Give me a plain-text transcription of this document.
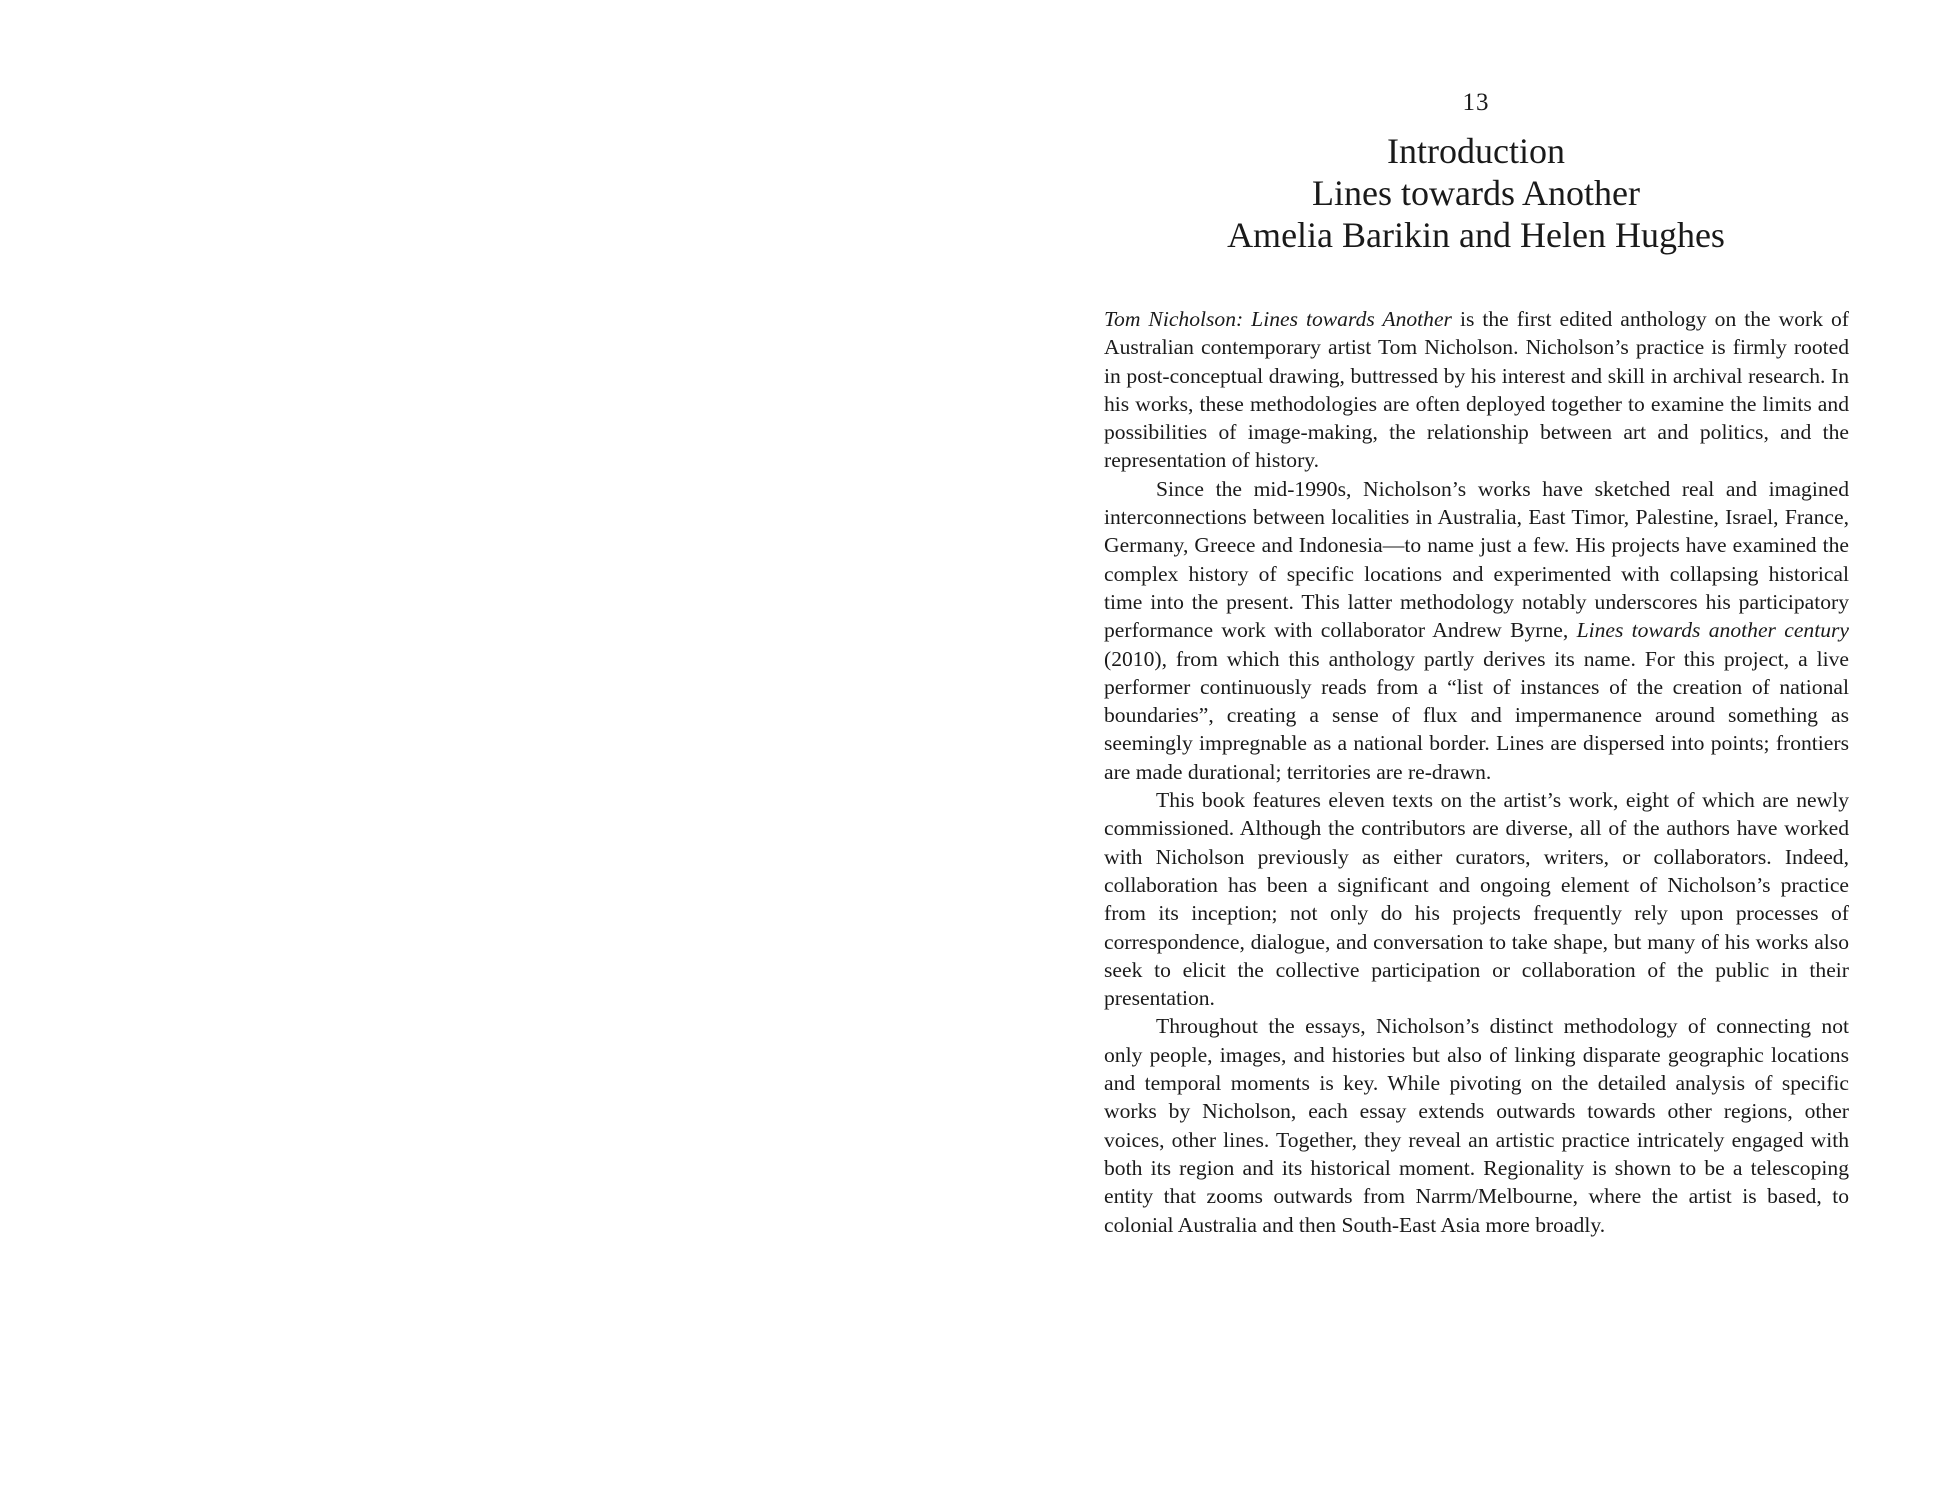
13
Introduction
Lines towards Another
Amelia Barikin and Helen Hughes

Tom Nicholson: Lines towards Another is the first edited anthology on the work of Australian contemporary artist Tom Nicholson. Nicholson’s practice is firmly rooted in post-conceptual drawing, buttressed by his interest and skill in archival research. In his works, these methodologies are often deployed together to examine the limits and possibilities of image-making, the relationship between art and politics, and the representation of history.

Since the mid-1990s, Nicholson’s works have sketched real and imagined interconnections between localities in Australia, East Timor, Palestine, Israel, France, Germany, Greece and Indonesia—to name just a few. His projects have examined the complex history of specific locations and experimented with collapsing historical time into the present. This latter methodology notably underscores his participatory performance work with collaborator Andrew Byrne, Lines towards another century (2010), from which this anthology partly derives its name. For this project, a live performer continuously reads from a “list of instances of the creation of national boundaries”, creating a sense of flux and impermanence around something as seemingly impregnable as a national border. Lines are dispersed into points; frontiers are made durational; territories are re-drawn.

This book features eleven texts on the artist’s work, eight of which are newly commissioned. Although the contributors are diverse, all of the authors have worked with Nicholson previously as either curators, writers, or collaborators. Indeed, collaboration has been a significant and ongoing element of Nicholson’s practice from its inception; not only do his projects frequently rely upon processes of correspondence, dialogue, and conversation to take shape, but many of his works also seek to elicit the collective participation or collaboration of the public in their presentation.

Throughout the essays, Nicholson’s distinct methodology of connecting not only people, images, and histories but also of linking disparate geographic locations and temporal moments is key. While pivoting on the detailed analysis of specific works by Nicholson, each essay extends outwards towards other regions, other voices, other lines. Together, they reveal an artistic practice intricately engaged with both its region and its historical moment. Regionality is shown to be a telescoping entity that zooms outwards from Narrm/Melbourne, where the artist is based, to colonial Australia and then South-East Asia more broadly.
